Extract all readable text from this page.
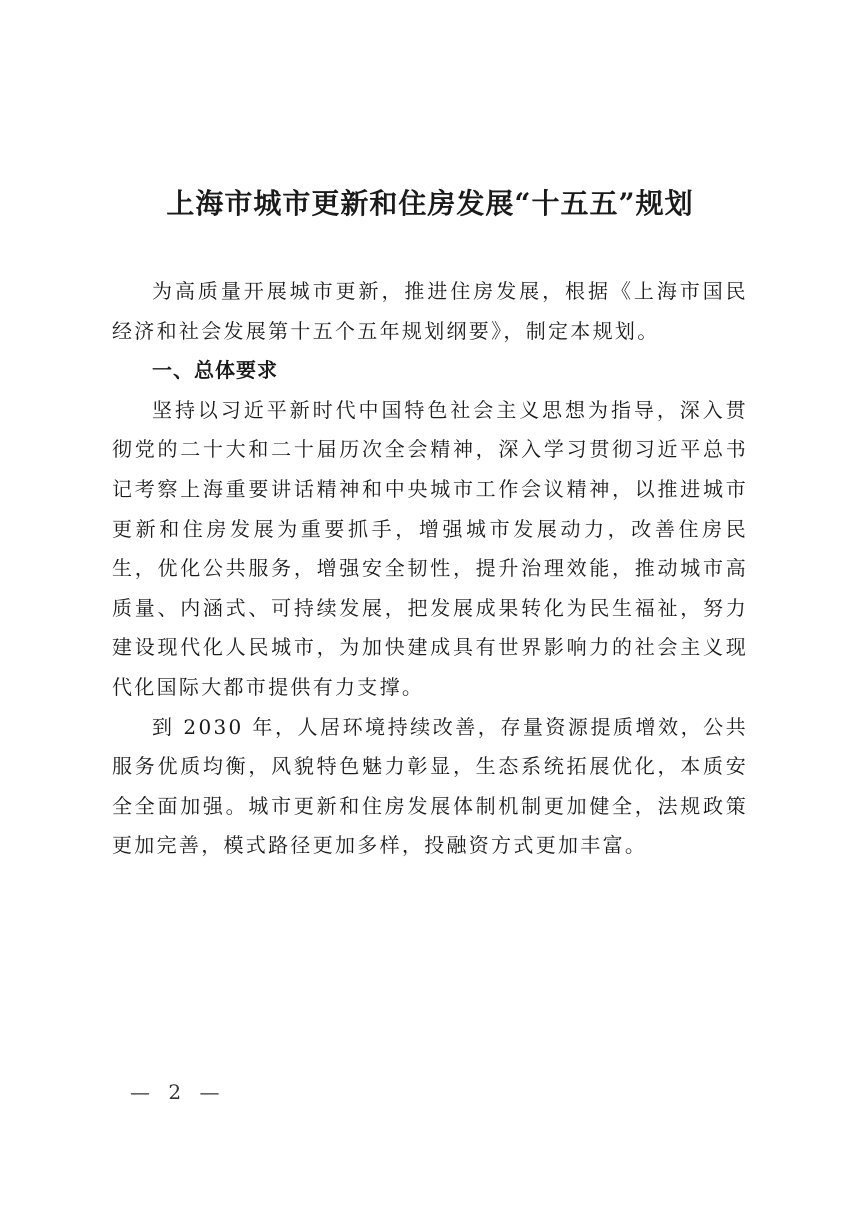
上海市城市更新和住房发展“十五五”规划

为高质量开展城市更新，推进住房发展，根据《上海市国民经济和社会发展第十五个五年规划纲要》，制定本规划。

一、总体要求

坚持以习近平新时代中国特色社会主义思想为指导，深入贯彻党的二十大和二十届历次全会精神，深入学习贯彻习近平总书记考察上海重要讲话精神和中央城市工作会议精神，以推进城市更新和住房发展为重要抓手，增强城市发展动力，改善住房民生，优化公共服务，增强安全韧性，提升治理效能，推动城市高质量、内涵式、可持续发展，把发展成果转化为民生福祉，努力建设现代化人民城市，为加快建成具有世界影响力的社会主义现代化国际大都市提供有力支撑。

到 2030 年，人居环境持续改善，存量资源提质增效，公共服务优质均衡，风貌特色魅力彰显，生态系统拓展优化，本质安全全面加强。城市更新和住房发展体制机制更加健全，法规政策更加完善，模式路径更加多样，投融资方式更加丰富。

— 2 —
